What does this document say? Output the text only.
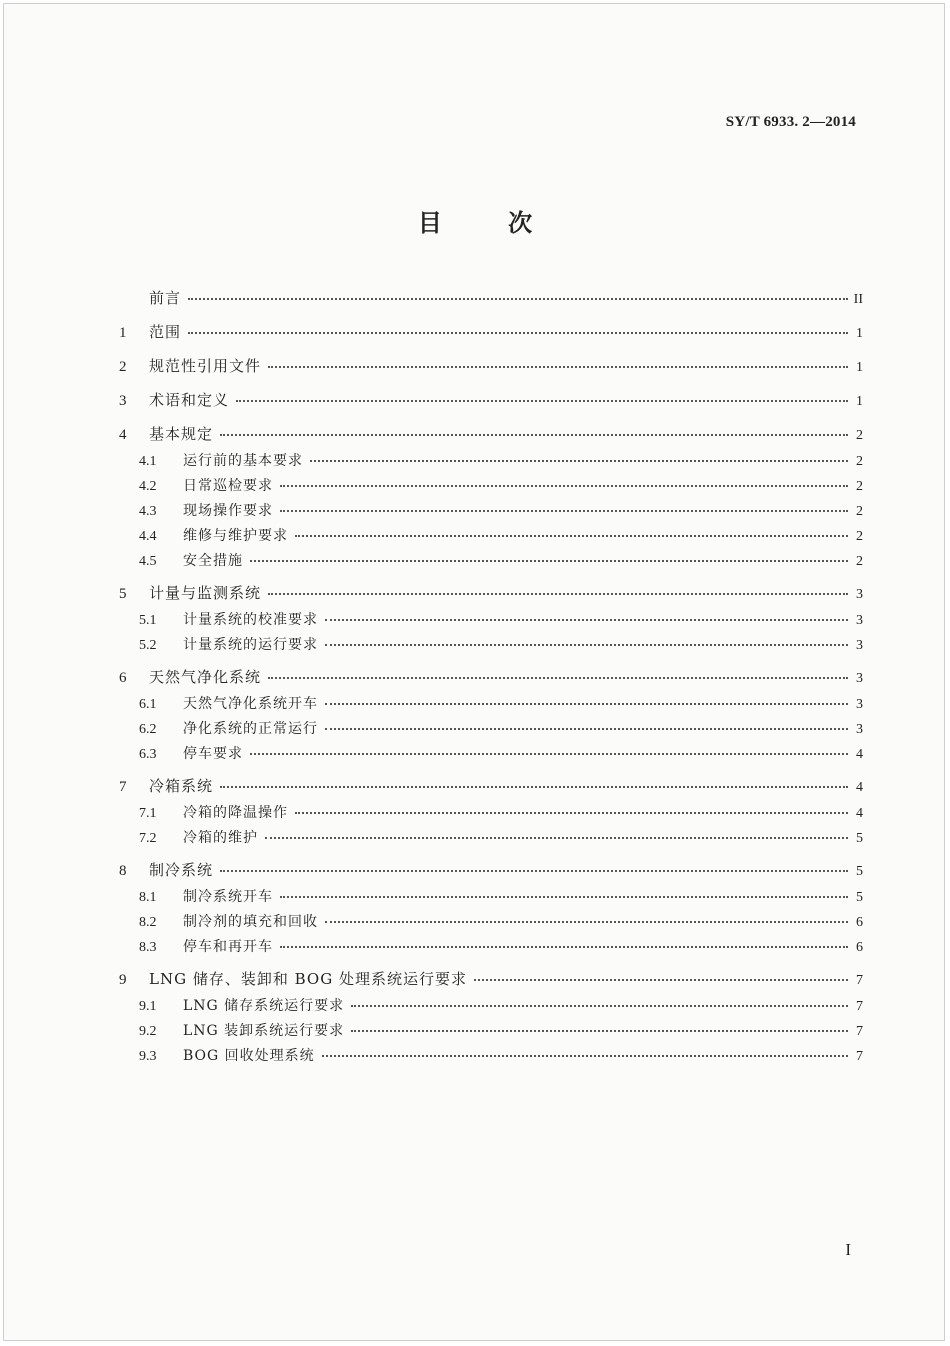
SY/T 6933. 2—2014
目 次
前言	II
1	范围	1
2	规范性引用文件	1
3	术语和定义	1
4	基本规定	2
4.1	运行前的基本要求	2
4.2	日常巡检要求	2
4.3	现场操作要求	2
4.4	维修与维护要求	2
4.5	安全措施	2
5	计量与监测系统	3
5.1	计量系统的校准要求	3
5.2	计量系统的运行要求	3
6	天然气净化系统	3
6.1	天然气净化系统开车	3
6.2	净化系统的正常运行	3
6.3	停车要求	4
7	冷箱系统	4
7.1	冷箱的降温操作	4
7.2	冷箱的维护	5
8	制冷系统	5
8.1	制冷系统开车	5
8.2	制冷剂的填充和回收	6
8.3	停车和再开车	6
9	LNG 储存、装卸和 BOG 处理系统运行要求	7
9.1	LNG 储存系统运行要求	7
9.2	LNG 装卸系统运行要求	7
9.3	BOG 回收处理系统	7
I
